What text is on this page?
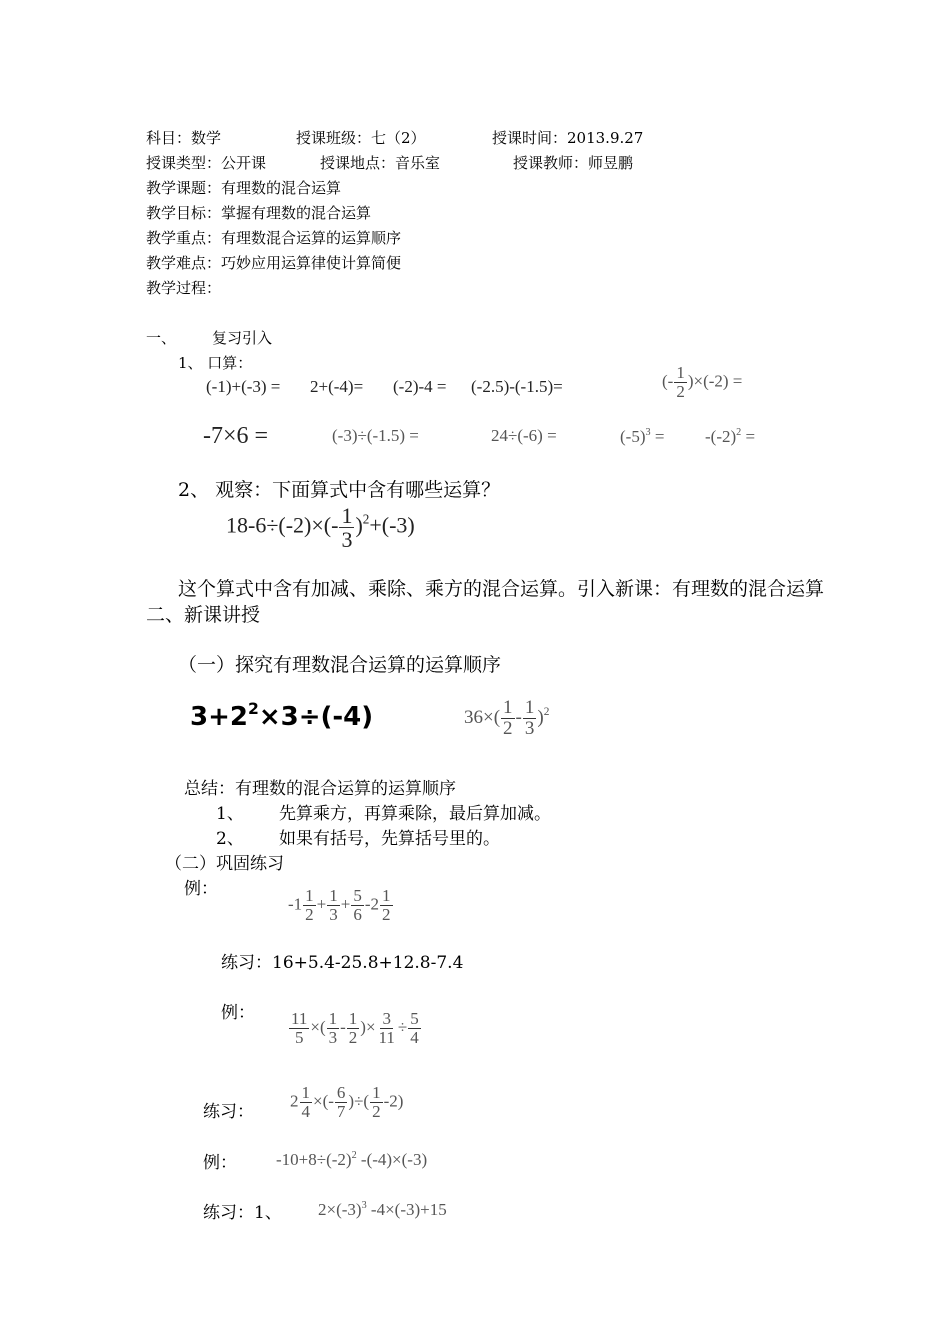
科目：数学	授课班级：七（2）	授课时间：2013.9.27
授课类型：公开课	授课地点：音乐室	授课教师：师昱鹏
教学课题：有理数的混合运算
教学目标：掌握有理数的混合运算
教学重点：有理数混合运算的运算顺序
教学难点：巧妙应用运算律使计算简便
教学过程：
一、 复习引入
1、 口算：
(-1)+(-3) = 2+(-4)= (-2)-4 = (-2.5)-(-1.5)=	(- $\frac{1}{2} )\times(-2)$ =
-7×6 =	(-3)÷(-1.5) =	24÷(-6) =	$(-5)^3 = -(-2)^2$ =
2、 观察：下面算式中含有哪些运算？
$18-6\div(-2)\times(- \frac{1}{3} )^2+(-3)$
这个算式中含有加减、乘除、乘方的混合运算。引入新课：有理数的混合运算
二、新课讲授
（一）探究有理数混合运算的运算顺序
$3+2^2\times 3\div(-4)$	$36\times( \frac{1}{2} - \frac{1}{3} )^2$
总结：有理数的混合运算的运算顺序
1、 先算乘方，再算乘除，最后算加减。
2、 如果有括号，先算括号里的。
（二）巩固练习
例：
$-1 \frac{1}{2} + \frac{1}{3} + \frac{5}{6} -2 \frac{1}{2}$
练习：16+5.4-25.8+12.8-7.4
例： $\frac{11}{5}$ ×( $\frac{1}{3} - \frac{1}{2}$ )× $\frac{3}{11} \div \frac{5}{4}$
练习：
$2 \frac{1}{4}$ ×(- $\frac{6}{7}$ )÷( $\frac{1}{2} -2$)
例： $-10+8\div(-2)^2$ -(-4)×(-3)
练习：1、 $2\times(-3)^3$ -4×(-3)+15
